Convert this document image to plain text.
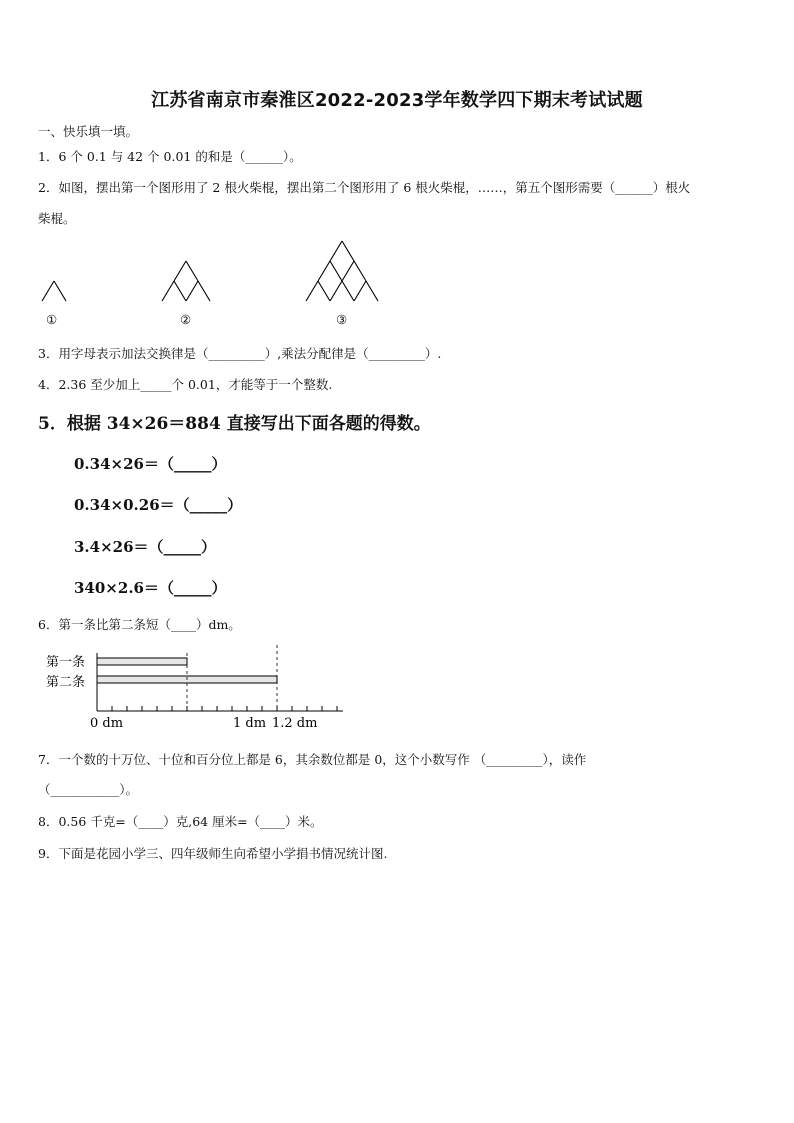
江苏省南京市秦淮区2022-2023学年数学四下期末考试试题
一、快乐填一填。
1．6 个 0.1 与 42 个 0.01 的和是（______）。
2．如图，摆出第一个图形用了 2 根火柴棍，摆出第二个图形用了 6 根火柴棍，……，第五个图形需要（______）根火
柴棍。
①	②	③
3．用字母表示加法交换律是（_________）,乘法分配律是（_________）.
4．2.36 至少加上_____个 0.01，才能等于一个整数.
5．根据 34×26＝884 直接写出下面各题的得数。
0.34×26＝（_____）
0.34×0.26＝（_____）
3.4×26＝（_____）
340×2.6＝（_____）
6．第一条比第二条短（____）dm。
第一条
第二条
0 dm	1 dm 1.2 dm
7．一个数的十万位、十位和百分位上都是 6，其余数位都是 0，这个小数写作 （_________），读作
（___________）。
8．0.56 千克=（____）克,64 厘米=（____）米。
9．下面是花园小学三、四年级师生向希望小学捐书情况统计图.
